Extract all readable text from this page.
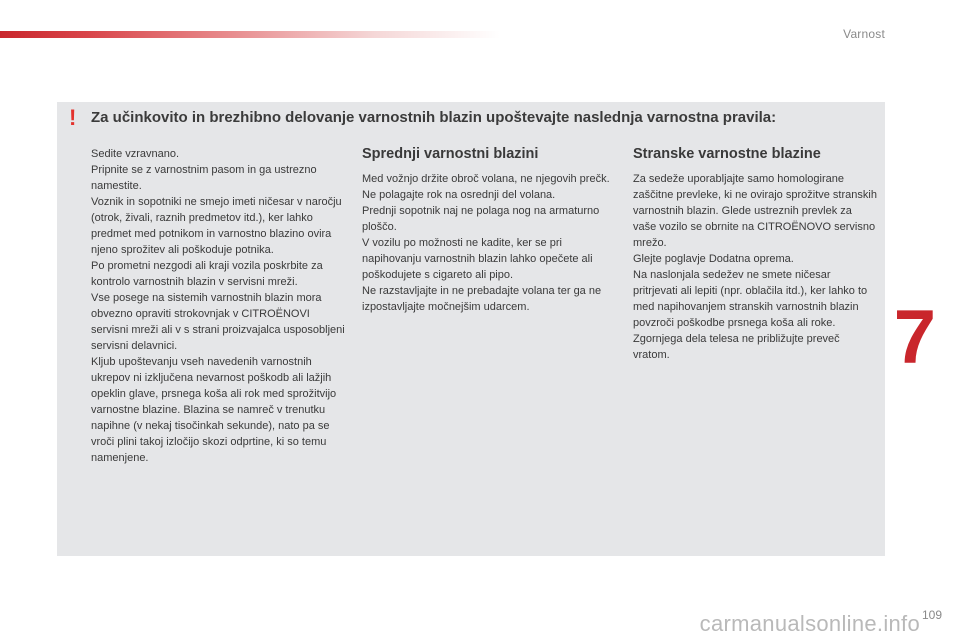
Varnost
! Za učinkovito in brezhibno delovanje varnostnih blazin upoštevajte naslednja varnostna pravila:

Sedite vzravnano.

Pripnite se z varnostnim pasom in ga ustrezno namestite.

Voznik in sopotniki ne smejo imeti ničesar v naročju (otrok, živali, raznih predmetov itd.), ker lahko predmet med potnikom in varnostno blazino ovira njeno sprožitev ali poškoduje potnika.

Po prometni nezgodi ali kraji vozila poskrbite za kontrolo varnostnih blazin v servisni mreži.

Vse posege na sistemih varnostnih blazin mora obvezno opraviti strokovnjak v CITROËNOVI servisni mreži ali v s strani proizvajalca usposobljeni servisni delavnici.

Kljub upoštevanju vseh navedenih varnostnih ukrepov ni izključena nevarnost poškodb ali lažjih opeklin glave, prsnega koša ali rok med sprožitvijo varnostne blazine. Blazina se namreč v trenutku napihne (v nekaj tisočinkah sekunde), nato pa se vroči plini takoj izločijo skozi odprtine, ki so temu namenjene.

Sprednji varnostni blazini

Med vožnjo držite obroč volana, ne njegovih prečk. Ne polagajte rok na osrednji del volana.

Prednji sopotnik naj ne polaga nog na armaturno ploščo.

V vozilu po možnosti ne kadite, ker se pri napihovanju varnostnih blazin lahko opečete ali poškodujete s cigareto ali pipo.

Ne razstavljajte in ne prebadajte volana ter ga ne izpostavljajte močnejšim udarcem.

Stranske varnostne blazine

Za sedeže uporabljajte samo homologirane zaščitne prevleke, ki ne ovirajo sprožitve stranskih varnostnih blazin. Glede ustreznih prevlek za vaše vozilo se obrnite na CITROËNOVO servisno mrežo.

Glejte poglavje Dodatna oprema.

Na naslonjala sedežev ne smete ničesar pritrjevati ali lepiti (npr. oblačila itd.), ker lahko to med napihovanjem stranskih varnostnih blazin povzroči poškodbe prsnega koša ali roke.

Zgornjega dela telesa ne približujte preveč vratom.	7
109
carmanualsonline.info
